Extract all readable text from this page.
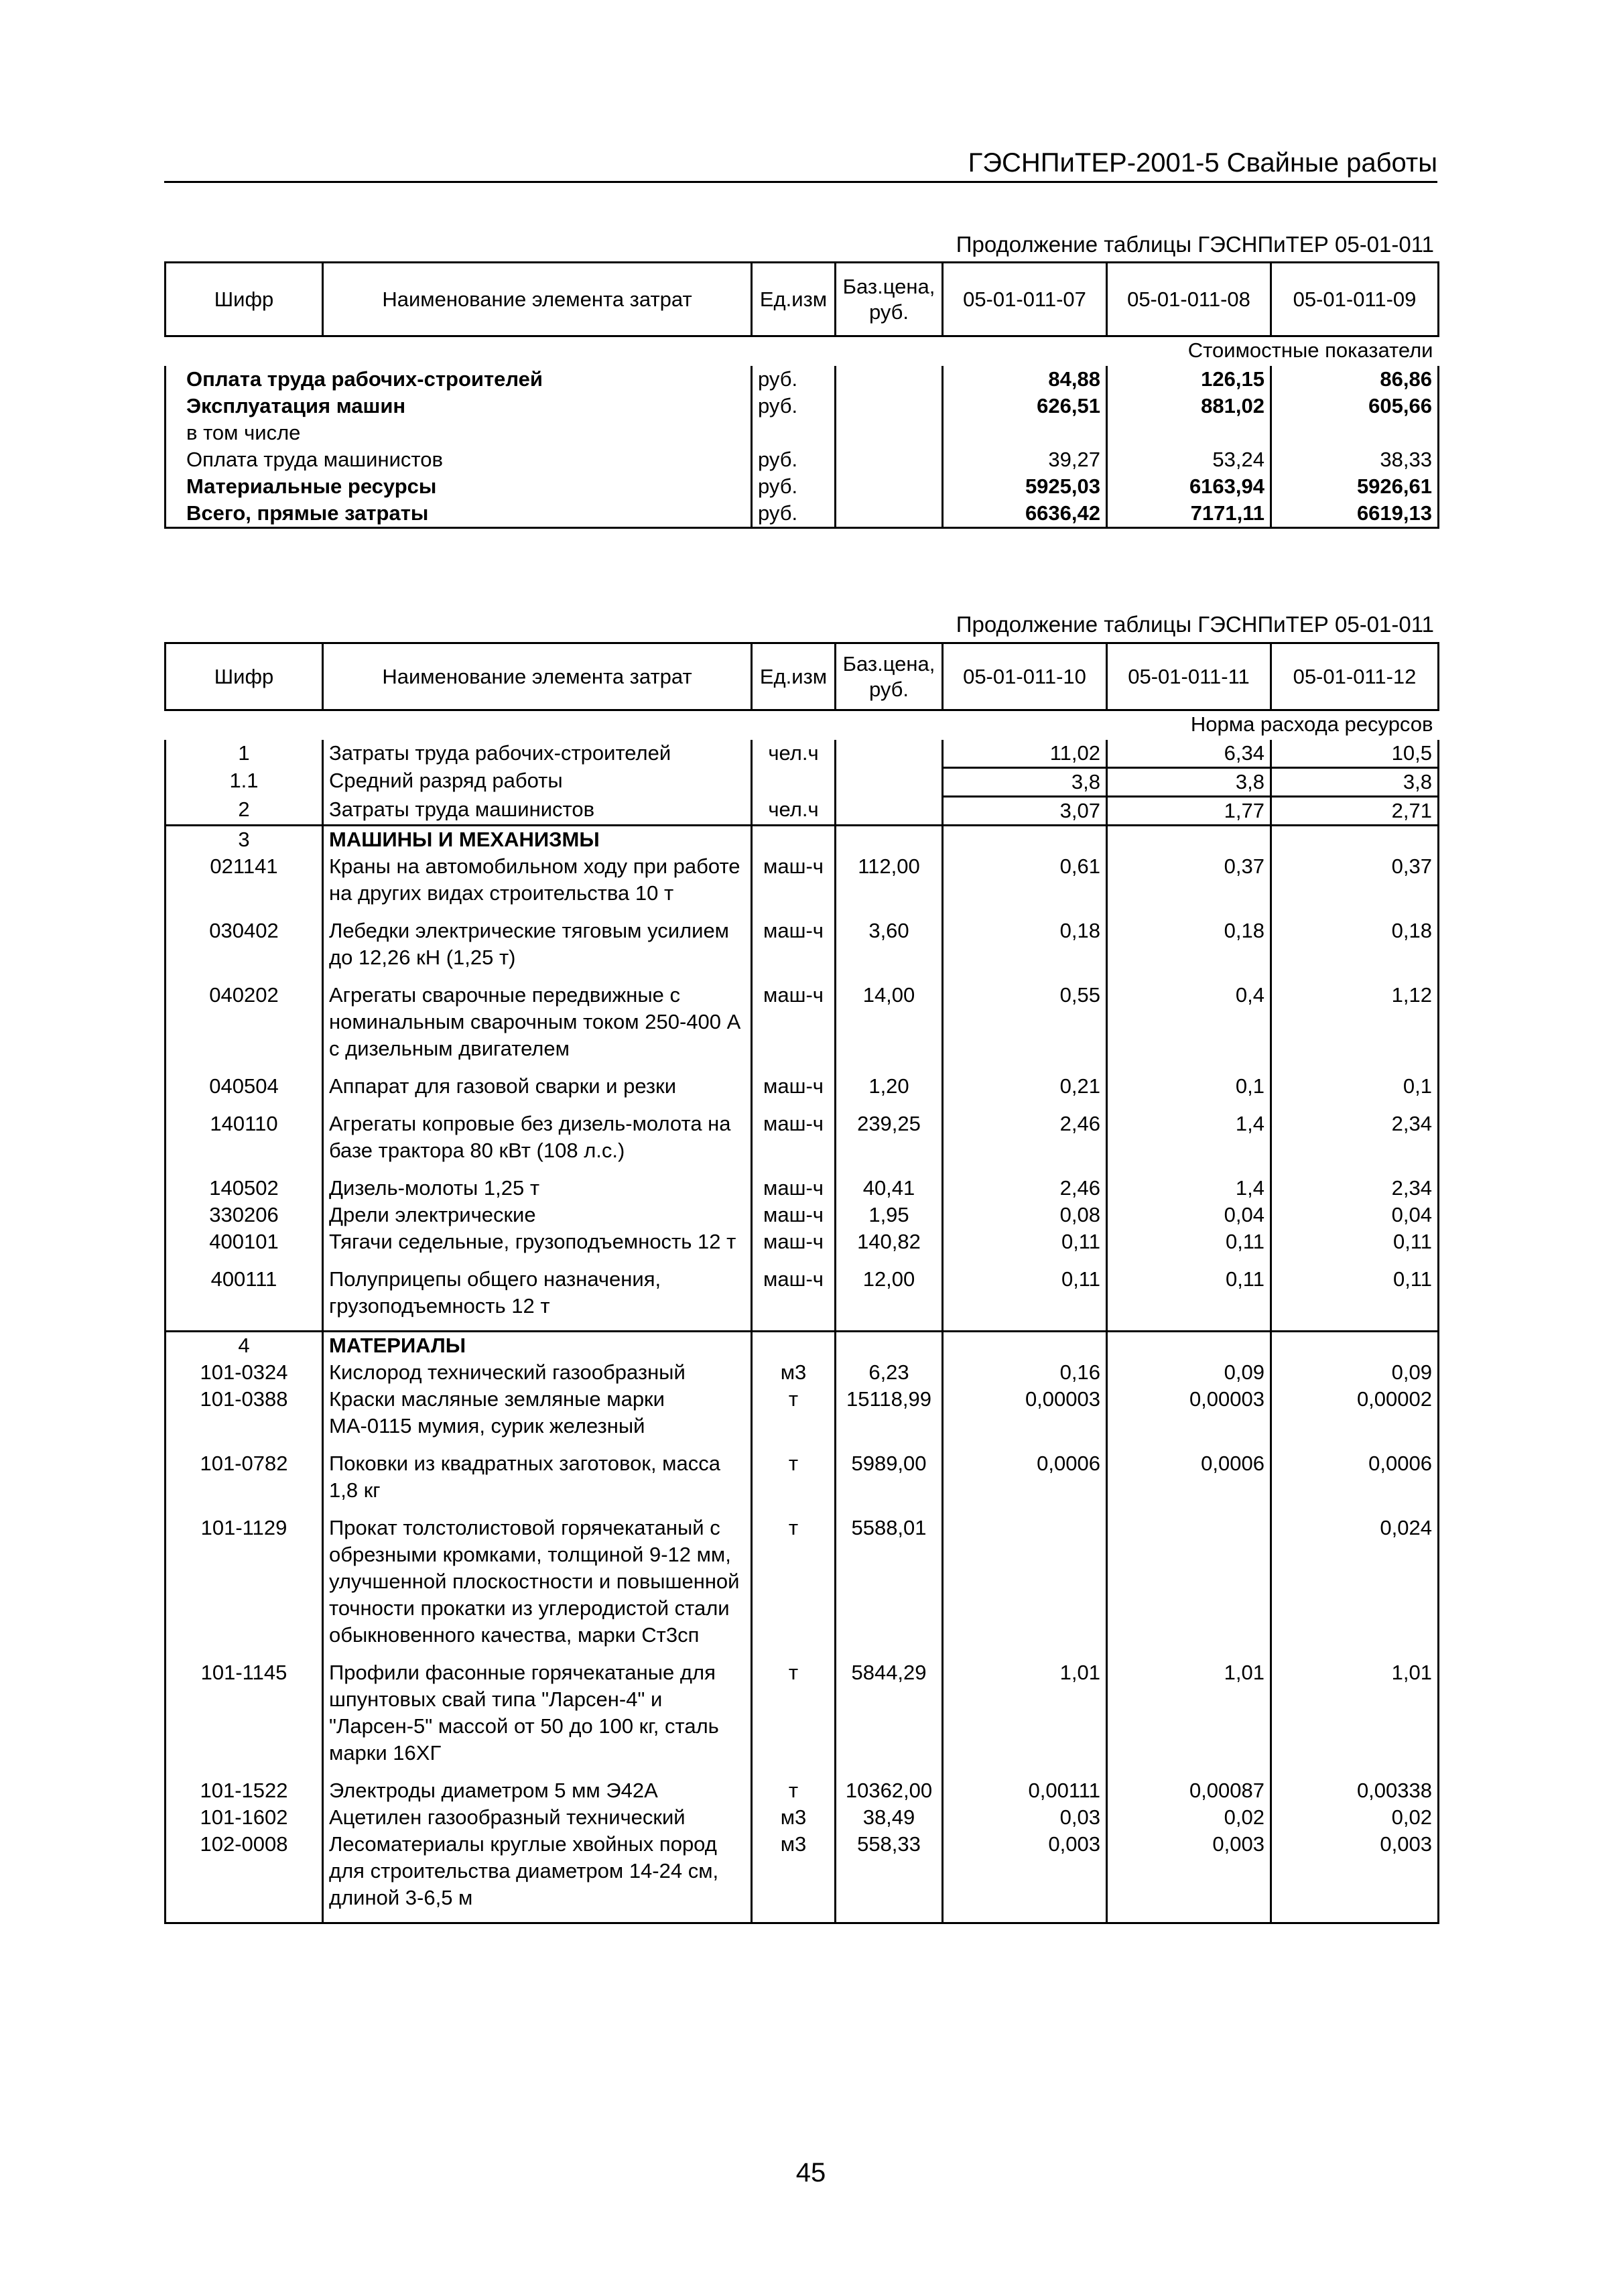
ГЭСНПиТЕР-2001-5 Свайные работы
Продолжение таблицы ГЭСНПиТЕР 05-01-011
Шифр	Наименование элемента затрат	Ед.изм	Баз.цена, руб.	05-01-011-07	05-01-011-08	05-01-011-09
Стоимостные показатели						
Оплата труда рабочих-строителей		руб.		84,88	126,15	86,86
Эксплуатация машин		руб.		626,51	881,02	605,66
в том числе						
Оплата труда машинистов		руб.		39,27	53,24	38,33
Материальные ресурсы		руб.		5925,03	6163,94	5926,61
Всего, прямые затраты		руб.		6636,42	7171,11	6619,13
Продолжение таблицы ГЭСНПиТЕР 05-01-011
Шифр	Наименование элемента затрат	Ед.изм	Баз.цена, руб.	05-01-011-10	05-01-011-11	05-01-011-12
Норма расхода ресурсов						
1	Затраты труда рабочих-строителей	чел.ч		11,02	6,34	10,5
1.1	Средний разряд работы			3,8	3,8	3,8
2	Затраты труда машинистов	чел.ч		3,07	1,77	2,71
3	МАШИНЫ И МЕХАНИЗМЫ					
021141	Краны на автомобильном ходу при работе на других видах строительства 10 т	маш-ч	112,00	0,61	0,37	0,37
030402	Лебедки электрические тяговым усилием до 12,26 кН (1,25 т)	маш-ч	3,60	0,18	0,18	0,18
040202	Агрегаты сварочные передвижные с номинальным сварочным током 250-400 А с дизельным двигателем	маш-ч	14,00	0,55	0,4	1,12
040504	Аппарат для газовой сварки и резки	маш-ч	1,20	0,21	0,1	0,1
140110	Агрегаты копровые без дизель-молота на базе трактора 80 кВт (108 л.с.)	маш-ч	239,25	2,46	1,4	2,34
140502	Дизель-молоты 1,25 т	маш-ч	40,41	2,46	1,4	2,34
330206	Дрели электрические	маш-ч	1,95	0,08	0,04	0,04
400101	Тягачи седельные, грузоподъемность 12 т	маш-ч	140,82	0,11	0,11	0,11
400111	Полуприцепы общего назначения, грузоподъемность 12 т	маш-ч	12,00	0,11	0,11	0,11
4	МАТЕРИАЛЫ					
101-0324	Кислород технический газообразный	м3	6,23	0,16	0,09	0,09
101-0388	Краски масляные земляные марки МА-0115 мумия, сурик железный	т	15118,99	0,00003	0,00003	0,00002
101-0782	Поковки из квадратных заготовок, масса 1,8 кг	т	5989,00	0,0006	0,0006	0,0006
101-1129	Прокат толстолистовой горячекатаный с обрезными кромками, толщиной 9-12 мм, улучшенной плоскостности и повышенной точности прокатки из углеродистой стали обыкновенного качества, марки Ст3сп	т	5588,01			0,024
101-1145	Профили фасонные горячекатаные для шпунтовых свай типа "Ларсен-4" и "Ларсен-5" массой от 50 до 100 кг, сталь марки 16ХГ	т	5844,29	1,01	1,01	1,01
101-1522	Электроды диаметром 5 мм Э42А	т	10362,00	0,00111	0,00087	0,00338
101-1602	Ацетилен газообразный технический	м3	38,49	0,03	0,02	0,02
102-0008	Лесоматериалы круглые хвойных пород для строительства диаметром 14-24 см, длиной 3-6,5 м	м3	558,33	0,003	0,003	0,003
45
